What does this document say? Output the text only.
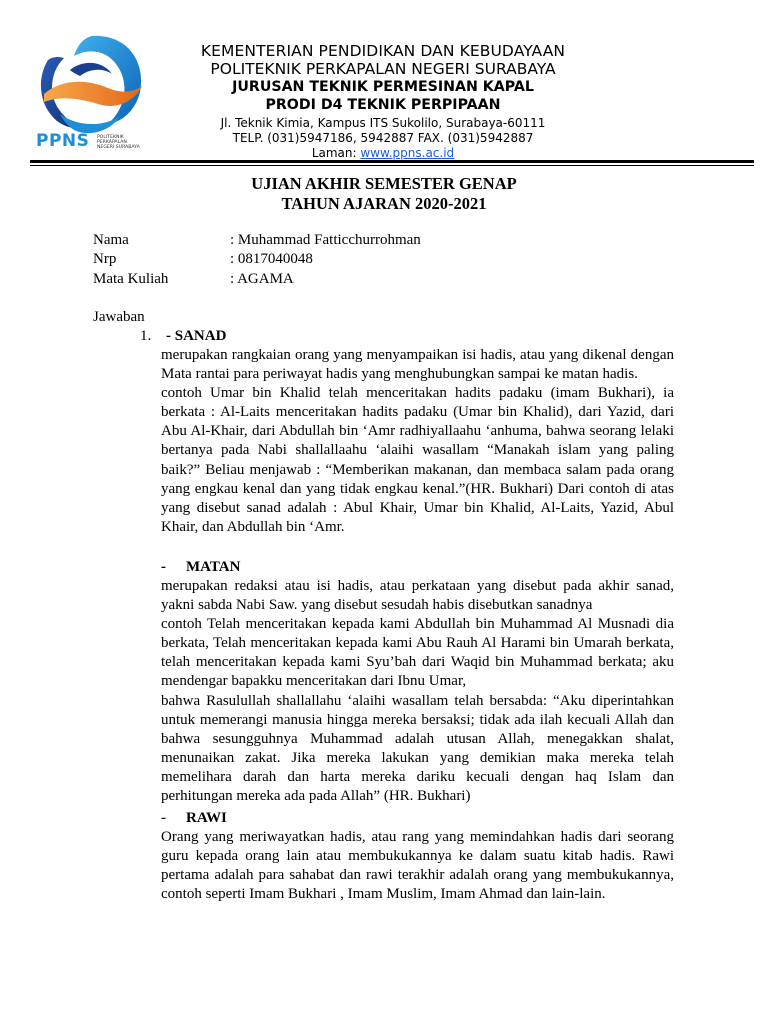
PPNS POLITEKNIK
PERKAPALAN
NEGERI SURABAYA
KEMENTERIAN PENDIDIKAN DAN KEBUDAYAAN
POLITEKNIK PERKAPALAN NEGERI SURABAYA
JURUSAN TEKNIK PERMESINAN KAPAL
PRODI D4 TEKNIK PERPIPAAN
Jl. Teknik Kimia, Kampus ITS Sukolilo, Surabaya-60111
TELP. (031)5947186, 5942887 FAX. (031)5942887
Laman: www.ppns.ac.id
UJIAN AKHIR SEMESTER GENAP
TAHUN AJARAN 2020-2021
Nama	: Muhammad Fatticchurrohman
Nrp	: 0817040048
Mata Kuliah	: AGAMA
Jawaban
1. - SANAD

merupakan rangkaian orang yang menyampaikan isi hadis, atau yang dikenal dengan Mata rantai para periwayat hadis yang menghubungkan sampai ke matan hadis.

contoh Umar bin Khalid telah menceritakan hadits padaku (imam Bukhari), ia berkata : Al-Laits menceritakan hadits padaku (Umar bin Khalid), dari Yazid, dari Abu Al-Khair, dari Abdullah bin ‘Amr radhiyallaahu ‘anhuma, bahwa seorang lelaki bertanya pada Nabi shallallaahu ‘alaihi wasallam “Manakah islam yang paling baik?” Beliau menjawab : “Memberikan makanan, dan membaca salam pada orang yang engkau kenal dan yang tidak engkau kenal.”(HR. Bukhari) Dari contoh di atas yang disebut sanad adalah : Abul Khair, Umar bin Khalid, Al-Laits, Yazid, Abul Khair, dan Abdullah bin ‘Amr.

- MATAN

merupakan redaksi atau isi hadis, atau perkataan yang disebut pada akhir sanad, yakni sabda Nabi Saw. yang disebut sesudah habis disebutkan sanadnya

contoh Telah menceritakan kepada kami Abdullah bin Muhammad Al Musnadi dia berkata, Telah menceritakan kepada kami Abu Rauh Al Harami bin Umarah berkata, telah menceritakan kepada kami Syu’bah dari Waqid bin Muhammad berkata; aku mendengar bapakku menceritakan dari Ibnu Umar,

bahwa Rasulullah shallallahu ‘alaihi wasallam telah bersabda: “Aku diperintahkan untuk memerangi manusia hingga mereka bersaksi; tidak ada ilah kecuali Allah dan bahwa sesungguhnya Muhammad adalah utusan Allah, menegakkan shalat, menunaikan zakat. Jika mereka lakukan yang demikian maka mereka telah memelihara darah dan harta mereka dariku kecuali dengan haq Islam dan perhitungan mereka ada pada Allah” (HR. Bukhari)

- RAWI

Orang yang meriwayatkan hadis, atau rang yang memindahkan hadis dari seorang guru kepada orang lain atau membukukannya ke dalam suatu kitab hadis. Rawi pertama adalah para sahabat dan rawi terakhir adalah orang yang membukukannya, contoh seperti Imam Bukhari , Imam Muslim, Imam Ahmad dan lain-lain.
